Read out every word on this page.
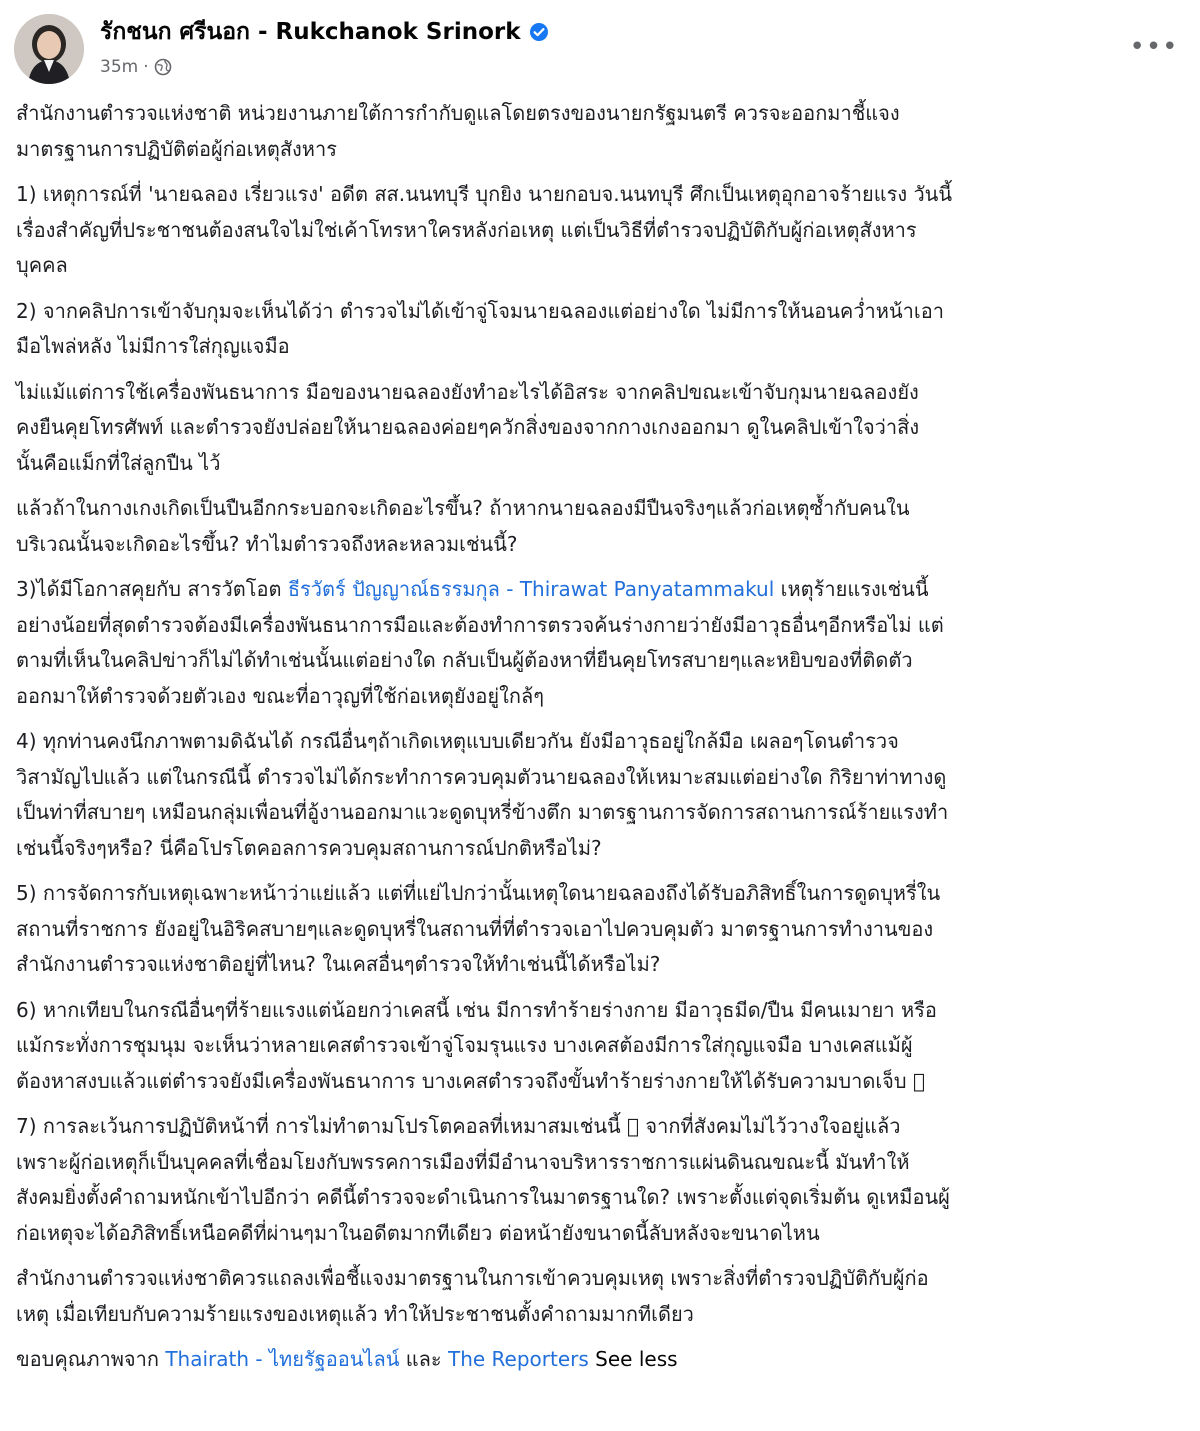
รักชนก ศรีนอก - Rukchanok Srinork
35m ·
•••

สำนักงานตำรวจแห่งชาติ หน่วยงานภายใต้การกำกับดูแลโดยตรงของนายกรัฐมนตรี ควรจะออกมาชี้แจง
มาตรฐานการปฏิบัติต่อผู้ก่อเหตุสังหาร

1) เหตุการณ์ที่ 'นายฉลอง เรี่ยวแรง' อดีต สส.นนทบุรี บุกยิง นายกอบจ.นนทบุรี ศึกเป็นเหตุอุกอาจร้ายแรง วันนี้
เรื่องสำคัญที่ประชาชนต้องสนใจไม่ใช่เค้าโทรหาใครหลังก่อเหตุ แต่เป็นวิธีที่ตำรวจปฏิบัติกับผู้ก่อเหตุสังหาร
บุคคล

2) จากคลิปการเข้าจับกุมจะเห็นได้ว่า ตำรวจไม่ได้เข้าจู่โจมนายฉลองแต่อย่างใด ไม่มีการให้นอนคว่ำหน้าเอา
มือไพล่หลัง ไม่มีการใส่กุญแจมือ

ไม่แม้แต่การใช้เครื่องพันธนาการ มือของนายฉลองยังทำอะไรได้อิสระ จากคลิปขณะเข้าจับกุมนายฉลองยัง
คงยืนคุยโทรศัพท์ และตำรวจยังปล่อยให้นายฉลองค่อยๆควักสิ่งของจากกางเกงออกมา ดูในคลิปเข้าใจว่าสิ่ง
นั้นคือแม็กที่ใส่ลูกปืน ไว้

แล้วถ้าในกางเกงเกิดเป็นปืนอีกกระบอกจะเกิดอะไรขึ้น? ถ้าหากนายฉลองมีปืนจริงๆแล้วก่อเหตุซ้ำกับคนใน
บริเวณนั้นจะเกิดอะไรขึ้น? ทำไมตำรวจถึงหละหลวมเช่นนี้?

3)ได้มีโอกาสคุยกับ สารวัตโอต ธีรวัตร์ ปัญญาณ์ธรรมกุล - Thirawat Panyatammakul เหตุร้ายแรงเช่นนี้
อย่างน้อยที่สุดตำรวจต้องมีเครื่องพันธนาการมือและต้องทำการตรวจค้นร่างกายว่ายังมีอาวุธอื่นๆอีกหรือไม่ แต่
ตามที่เห็นในคลิปข่าวก็ไม่ได้ทำเช่นนั้นแต่อย่างใด กลับเป็นผู้ต้องหาที่ยืนคุยโทรสบายๆและหยิบของที่ติดตัว
ออกมาให้ตำรวจด้วยตัวเอง ขณะที่อาวุญที่ใช้ก่อเหตุยังอยู่ใกล้ๆ

4) ทุกท่านคงนึกภาพตามดิฉันได้ กรณีอื่นๆถ้าเกิดเหตุแบบเดียวกัน ยังมีอาวุธอยู่ใกล้มือ เผลอๆโดนตำรวจ
วิสามัญไปแล้ว แต่ในกรณีนี้ ตำรวจไม่ได้กระทำการควบคุมตัวนายฉลองให้เหมาะสมแต่อย่างใด กิริยาท่าทางดู
เป็นท่าที่สบายๆ เหมือนกลุ่มเพื่อนที่อู้งานออกมาแวะดูดบุหรี่ข้างตึก มาตรฐานการจัดการสถานการณ์ร้ายแรงทำ
เช่นนี้จริงๆหรือ? นี่คือโปรโตคอลการควบคุมสถานการณ์ปกติหรือไม่?

5) การจัดการกับเหตุเฉพาะหน้าว่าแย่แล้ว แต่ที่แย่ไปกว่านั้นเหตุใดนายฉลองถึงได้รับอภิสิทธิ์ในการดูดบุหรี่ใน
สถานที่ราชการ ยังอยู่ในอิริคสบายๆและดูดบุหรี่ในสถานที่ที่ตำรวจเอาไปควบคุมตัว มาตรฐานการทำงานของ
สำนักงานตำรวจแห่งชาติอยู่ที่ไหน? ในเคสอื่นๆตำรวจให้ทำเช่นนี้ได้หรือไม่?

6) หากเทียบในกรณีอื่นๆที่ร้ายแรงแต่น้อยกว่าเคสนี้ เช่น มีการทำร้ายร่างกาย มีอาวุธมีด/ปืน มีคนเมายา หรือ
แม้กระทั่งการชุมนุม จะเห็นว่าหลายเคสตำรวจเข้าจู่โจมรุนแรง บางเคสต้องมีการใส่กุญแจมือ บางเคสแม้ผู้
ต้องหาสงบแล้วแต่ตำรวจยังมีเครื่องพันธนาการ บางเคสตำรวจถึงขั้นทำร้ายร่างกายให้ได้รับความบาดเจ็บ ⃞

7) การละเว้นการปฏิบัติหน้าที่ การไม่ทำตามโปรโตคอลที่เหมาสมเช่นนี้ ⃞ จากที่สังคมไม่ไว้วางใจอยู่แล้ว
เพราะผู้ก่อเหตุก็เป็นบุคคลที่เชื่อมโยงกับพรรคการเมืองที่มีอำนาจบริหารราชการแผ่นดินณขณะนี้ มันทำให้
สังคมยิ่งตั้งคำถามหนักเข้าไปอีกว่า คดีนี้ตำรวจจะดำเนินการในมาตรฐานใด? เพราะตั้งแต่จุดเริ่มต้น ดูเหมือนผู้
ก่อเหตุจะได้อภิสิทธิ์เหนือคดีที่ผ่านๆมาในอดีตมากทีเดียว ต่อหน้ายังขนาดนี้ลับหลังจะขนาดไหน

สำนักงานตำรวจแห่งชาติควรแถลงเพื่อชี้แจงมาตรฐานในการเข้าควบคุมเหตุ เพราะสิ่งที่ตำรวจปฏิบัติกับผู้ก่อ
เหตุ เมื่อเทียบกับความร้ายแรงของเหตุแล้ว ทำให้ประชาชนตั้งคำถามมากทีเดียว

ขอบคุณภาพจาก Thairath - ไทยรัฐออนไลน์ และ The Reporters See less
